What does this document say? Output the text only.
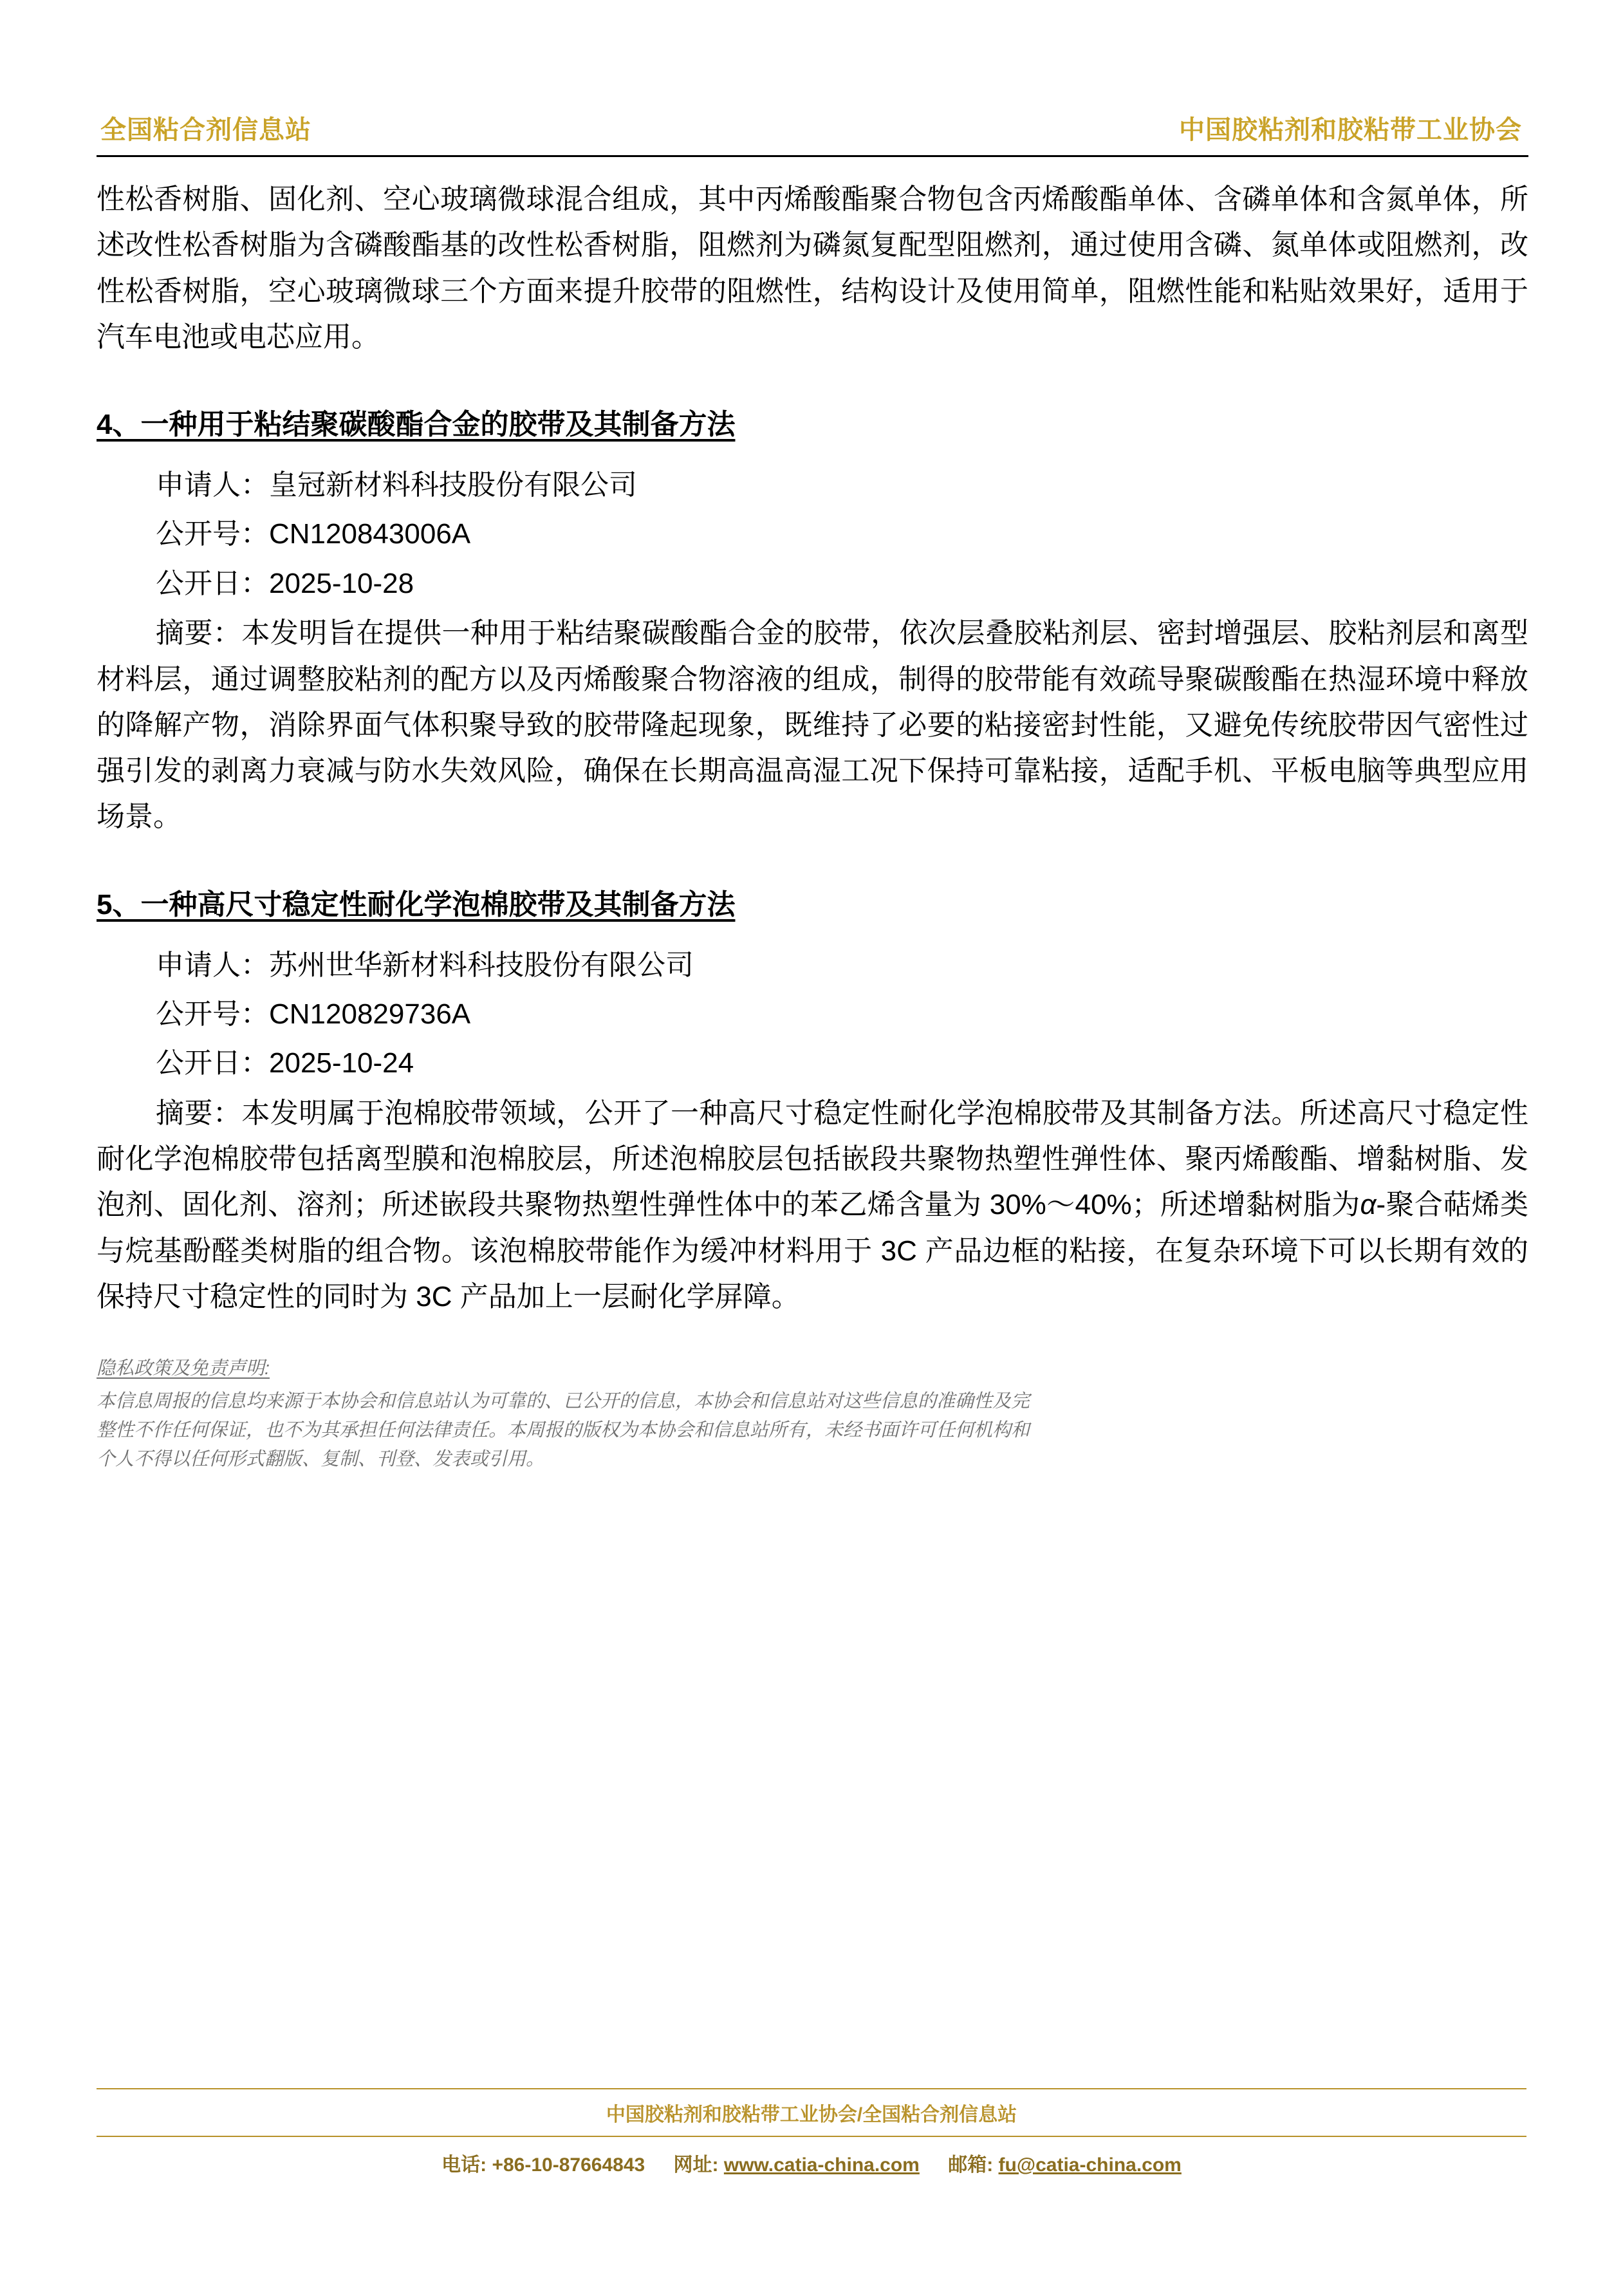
全国粘合剂信息站	中国胶粘剂和胶粘带工业协会

性松香树脂、固化剂、空心玻璃微球混合组成，其中丙烯酸酯聚合物包含丙烯酸酯单体、含磷单体和含氮单体，所述改性松香树脂为含磷酸酯基的改性松香树脂，阻燃剂为磷氮复配型阻燃剂，通过使用含磷、氮单体或阻燃剂，改性松香树脂，空心玻璃微球三个方面来提升胶带的阻燃性，结构设计及使用简单，阻燃性能和粘贴效果好，适用于汽车电池或电芯应用。

4、一种用于粘结聚碳酸酯合金的胶带及其制备方法

申请人：皇冠新材料科技股份有限公司

公开号：CN120843006A

公开日：2025-10-28

摘要：本发明旨在提供一种用于粘结聚碳酸酯合金的胶带，依次层叠胶粘剂层、密封增强层、胶粘剂层和离型材料层，通过调整胶粘剂的配方以及丙烯酸聚合物溶液的组成，制得的胶带能有效疏导聚碳酸酯在热湿环境中释放的降解产物，消除界面气体积聚导致的胶带隆起现象，既维持了必要的粘接密封性能，又避免传统胶带因气密性过强引发的剥离力衰减与防水失效风险，确保在长期高温高湿工况下保持可靠粘接，适配手机、平板电脑等典型应用场景。

5、一种高尺寸稳定性耐化学泡棉胶带及其制备方法

申请人：苏州世华新材料科技股份有限公司

公开号：CN120829736A

公开日：2025-10-24

摘要：本发明属于泡棉胶带领域，公开了一种高尺寸稳定性耐化学泡棉胶带及其制备方法。所述高尺寸稳定性耐化学泡棉胶带包括离型膜和泡棉胶层，所述泡棉胶层包括嵌段共聚物热塑性弹性体、聚丙烯酸酯、增黏树脂、发泡剂、固化剂、溶剂；所述嵌段共聚物热塑性弹性体中的苯乙烯含量为 30%～40%；所述增黏树脂为α-聚合萜烯类与烷基酚醛类树脂的组合物。该泡棉胶带能作为缓冲材料用于 3C 产品边框的粘接，在复杂环境下可以长期有效的保持尺寸稳定性的同时为 3C 产品加上一层耐化学屏障。

隐私政策及免责声明:

本信息周报的信息均来源于本协会和信息站认为可靠的、已公开的信息，本协会和信息站对这些信息的准确性及完

整性不作任何保证，也不为其承担任何法律责任。本周报的版权为本协会和信息站所有，未经书面许可任何机构和

个人不得以任何形式翻版、复制、刊登、发表或引用。

中国胶粘剂和胶粘带工业协会/全国粘合剂信息站
电话: +86-10-87664843 网址: www.catia-china.com 邮箱: fu@catia-china.com
